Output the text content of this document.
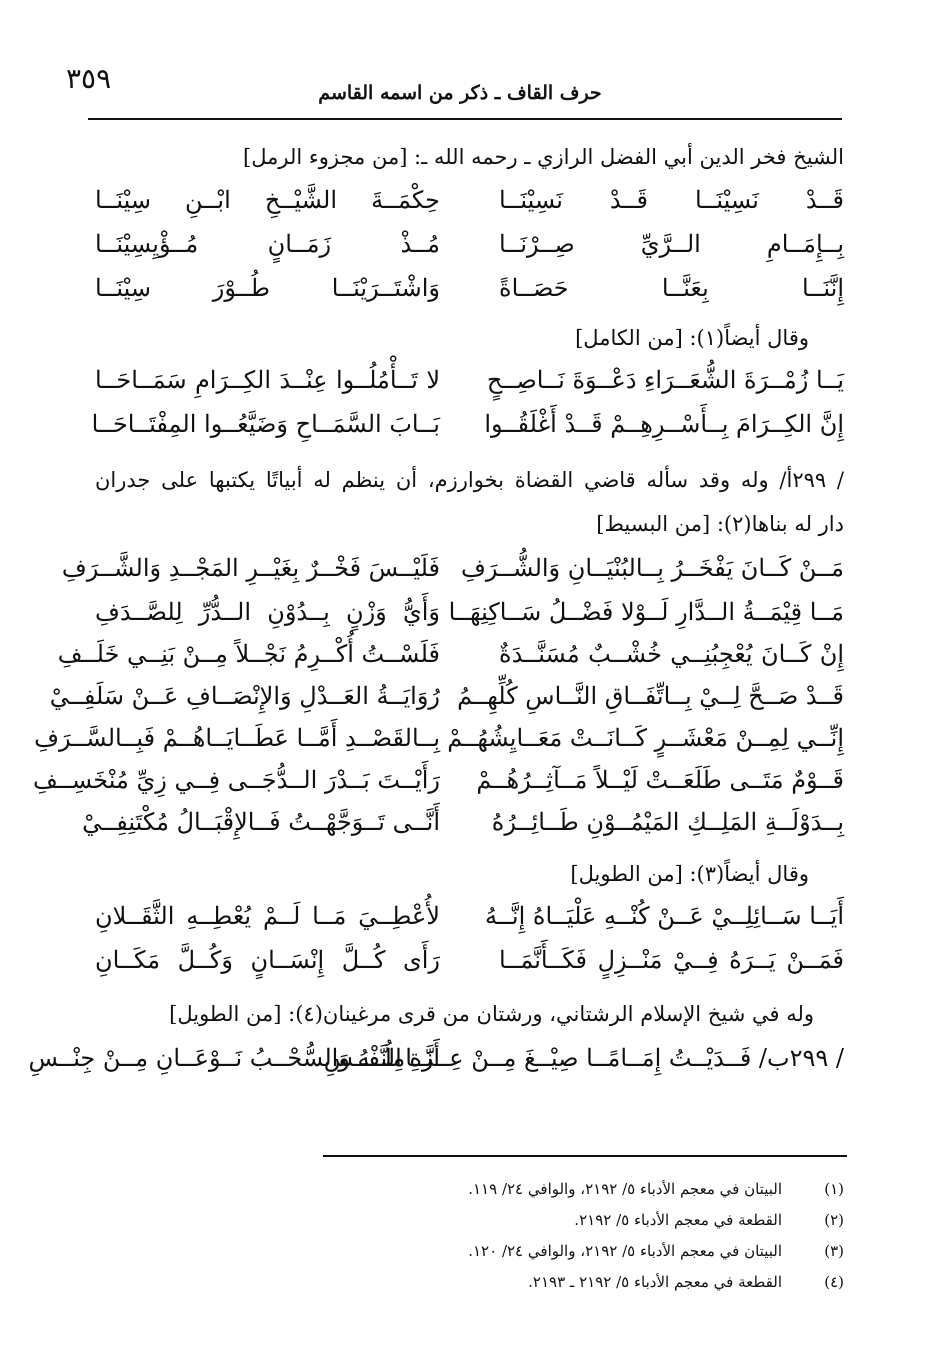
٣٥٩	حرف القاف ـ ذكر من اسمه القاسم
الشيخ فخر الدين أبي الفضل الرازي ـ رحمه الله ـ: [من مجزوء الرمل]
قَــدْ نَسِيْنَــا قَــدْ نَسِيْنَــا
حِكْمَــةَ الشَّيْــخِ ابْــنِ سِيْنَــا
بِــإِمَــامِ الــرَّيِّ صِــرْنَــا
مُــذْ زَمَــانٍ مُــؤْيِسِيْنَــا
إِنَّنَــا بِعَنَّــا حَصَــاةً
وَاشْتَــرَيْنَــا طُــوْرَ سِيْنَــا
وقال أيضاً(١): [من الكامل]
يَــا زُمْــرَةَ الشُّعَــرَاءِ دَعْــوَةَ نَــاصِــحٍ
لا تَــأْمُلُــوا عِنْــدَ الكِــرَامِ سَمَــاحَــا
إِنَّ الكِــرَامَ بِــأَسْــرِهِــمْ قَــدْ أَغْلَقُــوا
بَــابَ السَّمَــاحِ وَضَيَّعُــوا المِفْتَــاحَــا
/ ٢٩٩أ/ وله وقد سأله قاضي القضاة بخوارزم، أن ينظم له أبياتًا يكتبها على جدران
دار له بناها(٢): [من البسيط]
مَــنْ كَــانَ يَفْخَــرُ بِــالبُنْيَــانِ وَالشُّــرَفِ
فَلَيْــسَ فَخْــرٌ بِغَيْــرِ المَجْــدِ وَالشَّــرَفِ
مَــا قِيْمَــةُ الــدَّارِ لَــوْلا فَضْــلُ سَــاكِنِهَــا
وَأَيُّ وَزْنٍ بِــدُوْنِ الــدُّرِّ لِلصَّــدَفِ
إِنْ كَــانَ يُعْجِبُنِــي خُشْــبٌ مُسَنَّــدَةٌ
فَلَسْــتُ أُكْــرِمُ نَجْــلاً مِــنْ بَنِــي خَلَــفِ
قَــدْ صَــحَّ لِــيْ بِــاتِّفَــاقِ النَّــاسِ كُلِّهِــمُ
رُوَايَــةُ العَــدْلِ وَالإِنْصَــافِ عَــنْ سَلَفِــيْ
إِنِّــي لِمِــنْ مَعْشَــرٍ كَــانَــتْ مَعَــايِشُهُــمْ
بِــالقَصْــدِ أَمَّــا عَطَــايَــاهُــمْ فَبِــالسَّــرَفِ
قَــوْمٌ مَتَــى طَلَعَــتْ لَيْــلاً مَــآثِــرُهُــمْ
رَأَيْــتَ بَــدْرَ الــدُّجَــى فِــي زِيِّ مُنْخَسِــفِ
بِــدَوْلَــةِ المَلِــكِ المَيْمُــوْنِ طَــائِــرُهُ
أَنَّــى تَــوَجَّهْــتُ فَــالإِقْبَــالُ مُكْتَنِفِــيْ
وقال أيضاً(٣): [من الطويل]
أَيَــا سَــائِلِــيْ عَــنْ كُنْــهِ عَلْيَــاهُ إِنَّــهُ
لأُعْطِــيَ مَــا لَــمْ يُعْطِــهِ الثَّقَــلانِ
فَمَــنْ يَــرَهُ فِــيْ مَنْــزِلٍ فَكَــأَنَّمَــا
رَأَى كُــلَّ إِنْسَــانٍ وَكُــلَّ مَكَــانِ
وله في شيخ الإسلام الرشتاني، ورشتان من قرى مرغينان(٤): [من الطويل]
/ ٢٩٩ب/ فَــدَيْــتُ إِمَــامًــا صِيْــغَ مِــنْ عِــزَّةِ النَّفْــسِ
أَنَــامِلُــهُ وَالسُّحْــبُ نَــوْعَــانِ مِــنْ جِنْــسِ
(١)البيتان في معجم الأدباء ٥/ ٢١٩٢، والوافي ٢٤/ ١١٩.
(٢)القطعة في معجم الأدباء ٥/ ٢١٩٢.
(٣)البيتان في معجم الأدباء ٥/ ٢١٩٢، والوافي ٢٤/ ١٢٠.
(٤)القطعة في معجم الأدباء ٥/ ٢١٩٢ ـ ٢١٩٣.
